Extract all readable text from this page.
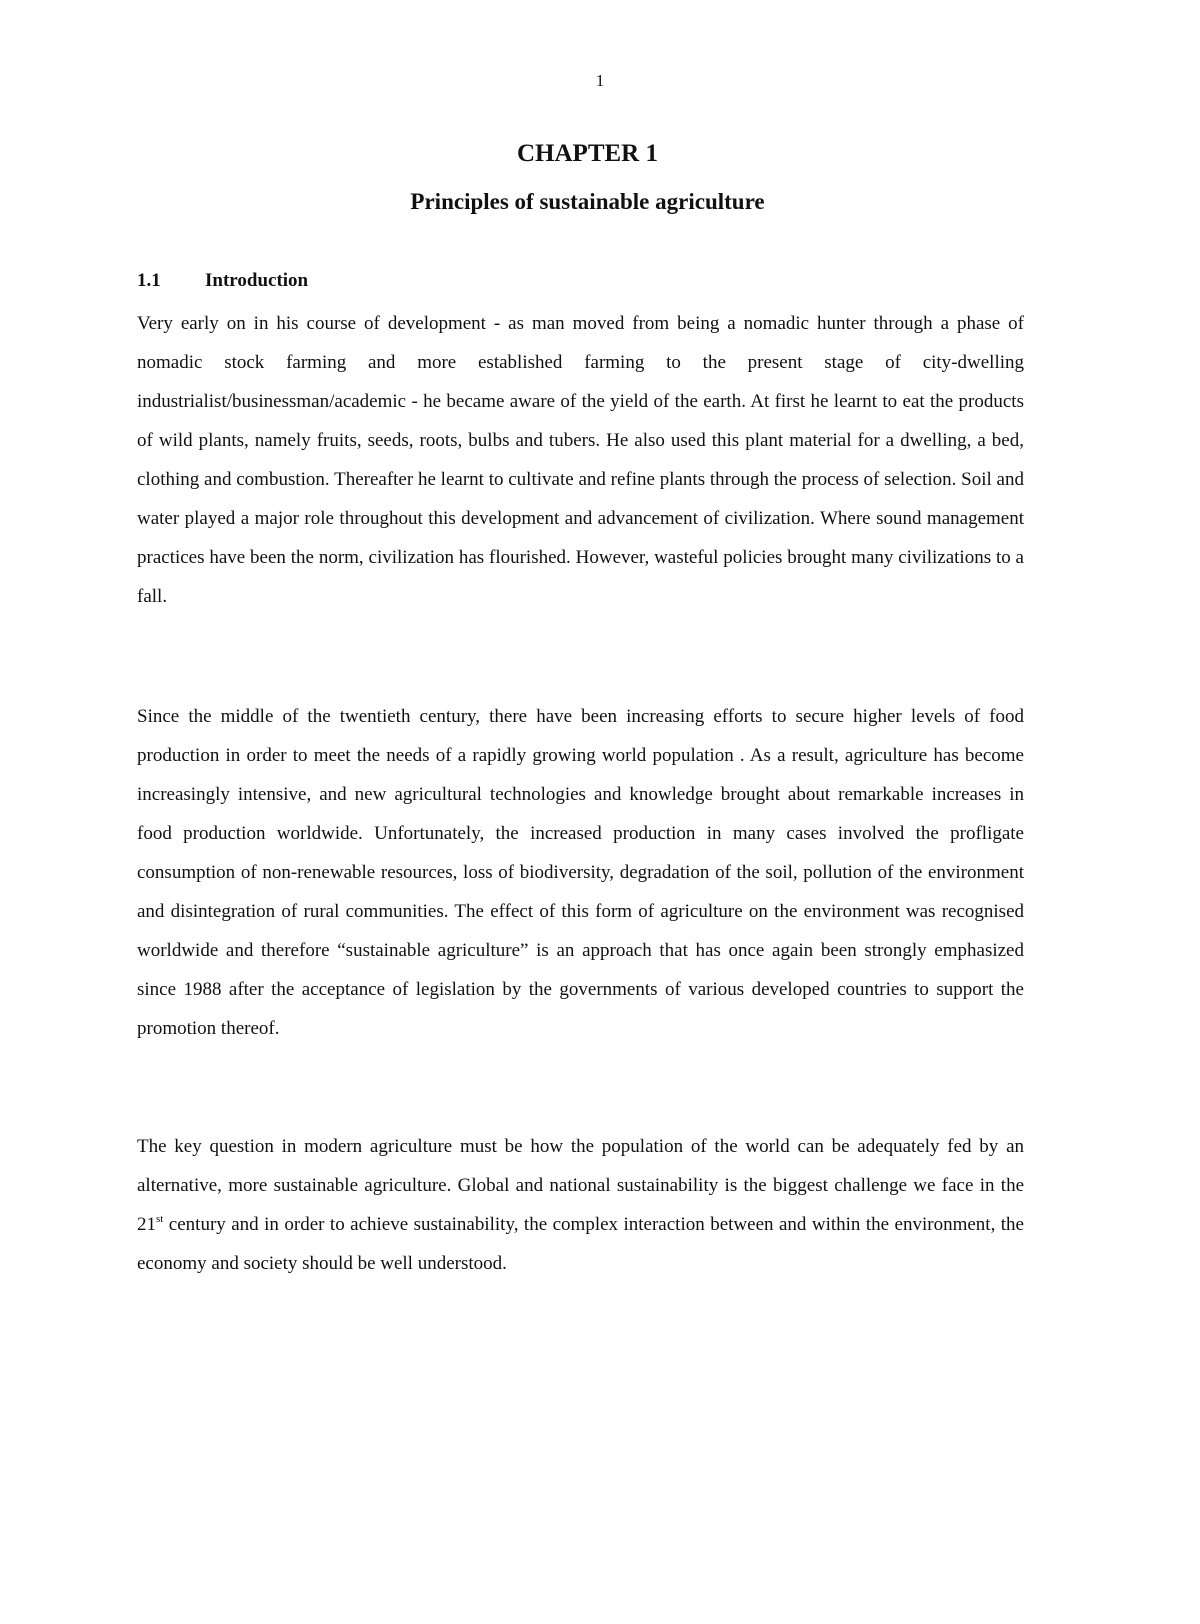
1
CHAPTER 1
Principles of sustainable agriculture
1.1 Introduction

Very early on in his course of development - as man moved from being a nomadic hunter through a phase of nomadic stock farming and more established farming to the present stage of city-dwelling industrialist/businessman/academic - he became aware of the yield of the earth. At first he learnt to eat the products of wild plants, namely fruits, seeds, roots, bulbs and tubers. He also used this plant material for a dwelling, a bed, clothing and combustion. Thereafter he learnt to cultivate and refine plants through the process of selection. Soil and water played a major role throughout this development and advancement of civilization. Where sound management practices have been the norm, civilization has flourished. However, wasteful policies brought many civilizations to a fall.

Since the middle of the twentieth century, there have been increasing efforts to secure higher levels of food production in order to meet the needs of a rapidly growing world population . As a result, agriculture has become increasingly intensive, and new agricultural technologies and knowledge brought about remarkable increases in food production worldwide. Unfortunately, the increased production in many cases involved the profligate consumption of non-renewable resources, loss of biodiversity, degradation of the soil, pollution of the environment and disintegration of rural communities. The effect of this form of agriculture on the environment was recognised worldwide and therefore “sustainable agriculture” is an approach that has once again been strongly emphasized since 1988 after the acceptance of legislation by the governments of various developed countries to support the promotion thereof.

The key question in modern agriculture must be how the population of the world can be adequately fed by an alternative, more sustainable agriculture. Global and national sustainability is the biggest challenge we face in the 21st century and in order to achieve sustainability, the complex interaction between and within the environment, the economy and society should be well understood.
